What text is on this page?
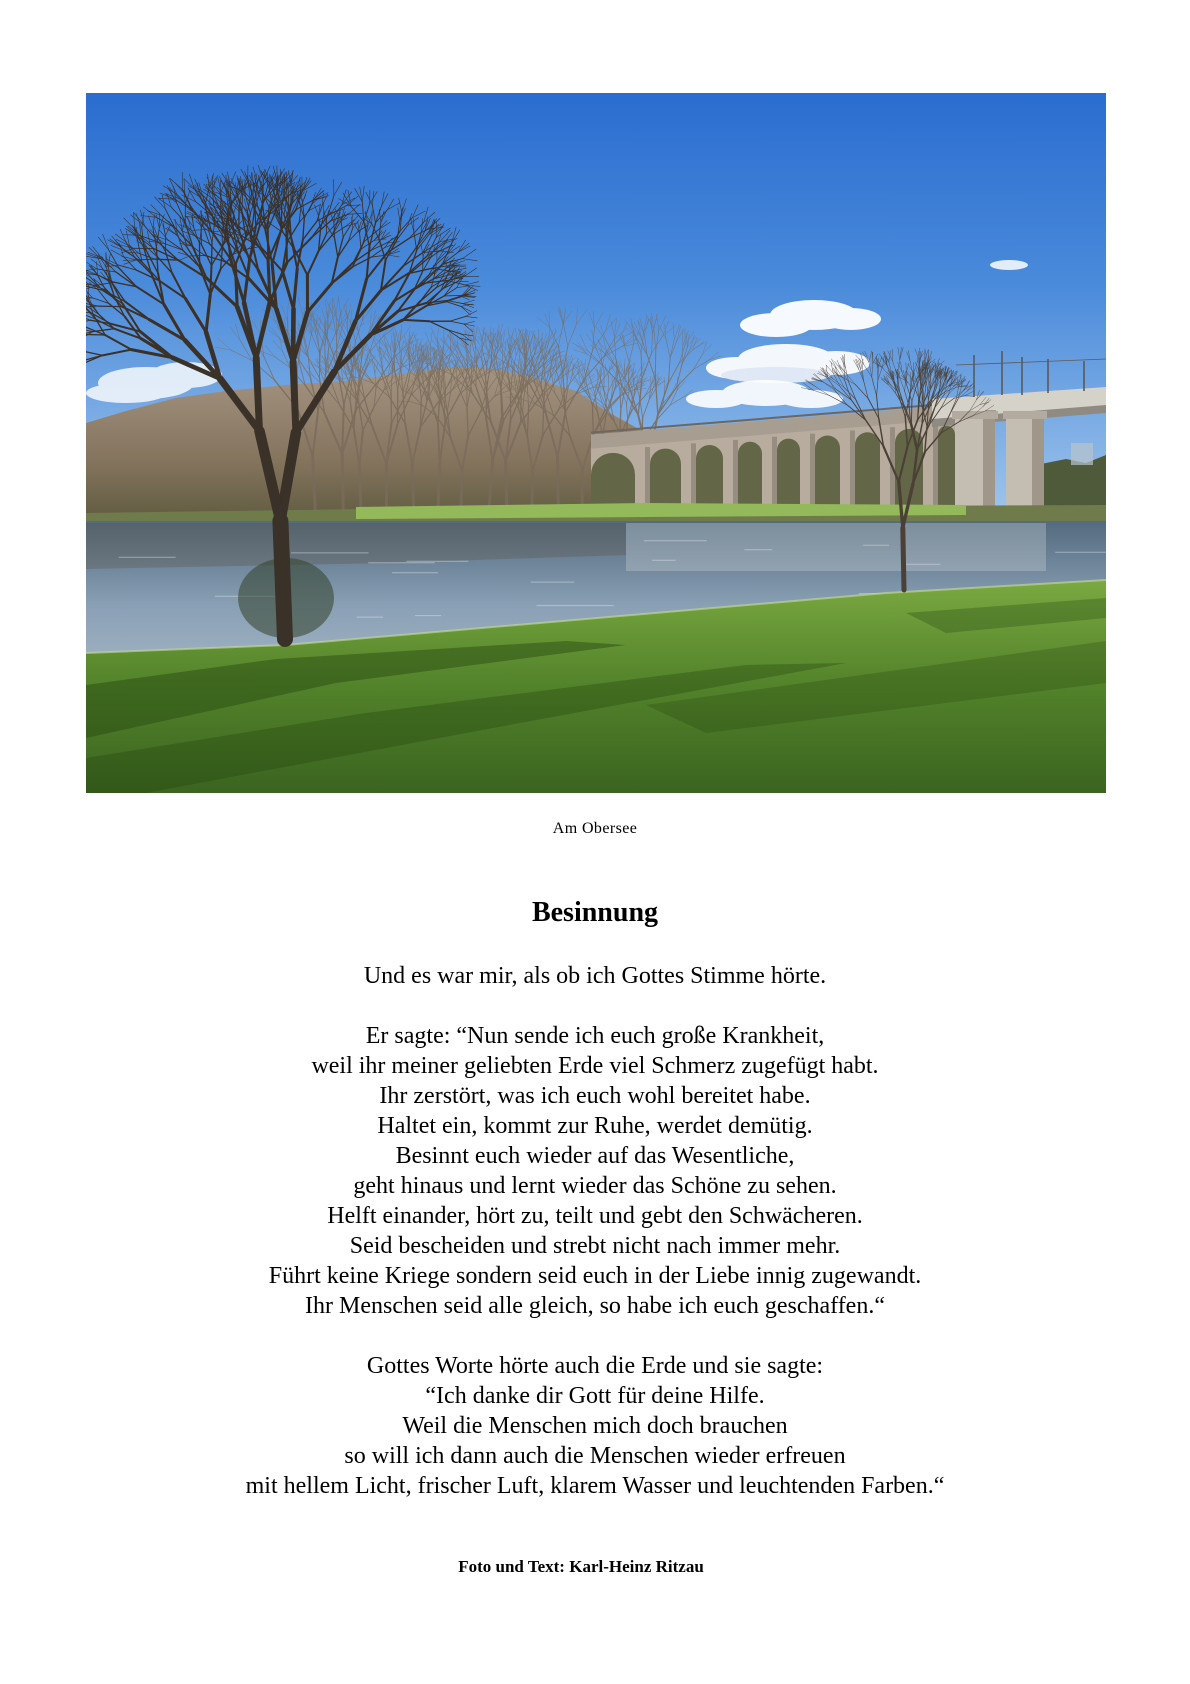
Am Obersee
Besinnung

Und es war mir, als ob ich Gottes Stimme hörte.

Er sagte: “Nun sende ich euch große Krankheit,
weil ihr meiner geliebten Erde viel Schmerz zugefügt habt.
Ihr zerstört, was ich euch wohl bereitet habe.
Haltet ein, kommt zur Ruhe, werdet demütig.
Besinnt euch wieder auf das Wesentliche,
geht hinaus und lernt wieder das Schöne zu sehen.
Helft einander, hört zu, teilt und gebt den Schwächeren.
Seid bescheiden und strebt nicht nach immer mehr.
Führt keine Kriege sondern seid euch in der Liebe innig zugewandt.
Ihr Menschen seid alle gleich, so habe ich euch geschaffen.“

Gottes Worte hörte auch die Erde und sie sagte:
“Ich danke dir Gott für deine Hilfe.
Weil die Menschen mich doch brauchen
so will ich dann auch die Menschen wieder erfreuen
mit hellem Licht, frischer Luft, klarem Wasser und leuchtenden Farben.“

Foto und Text: Karl-Heinz Ritzau
